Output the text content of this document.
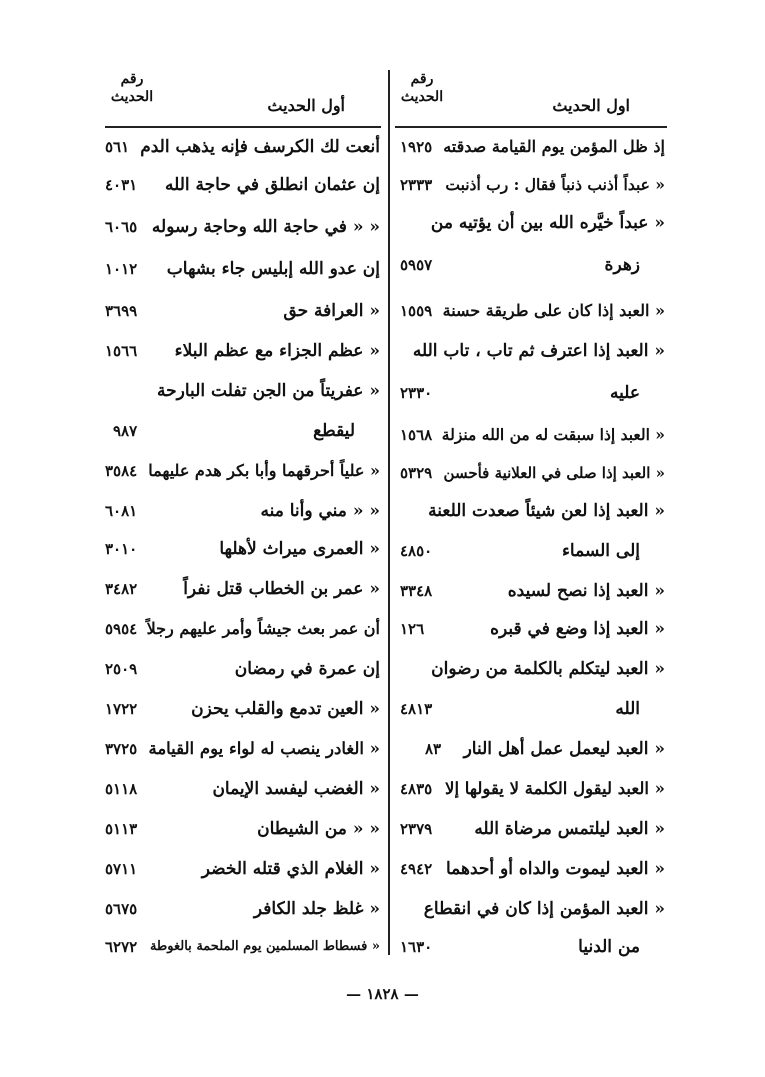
رقم
الحديث	اول الحديث
رقم
الحديث	أول الحديث
إذ ظل المؤمن يوم القيامة صدقته
١٩٢٥
« عبداً أذنب ذنباً فقال : رب أذنبت
٢٣٣٣
« عبداً خيَّره الله بين أن يؤتيه من
زهرة
٥٩٥٧
« العبد إذا كان على طريقة حسنة
١٥٥٩
« العبد إذا اعترف ثم تاب ، تاب الله
عليه
٢٣٣٠
« العبد إذا سبقت له من الله منزلة
١٥٦٨
« العبد إذا صلى في العلانية فأحسن
٥٣٢٩
« العبد إذا لعن شيئاً صعدت اللعنة
إلى السماء
٤٨٥٠
« العبد إذا نصح لسيده
٣٣٤٨
« العبد إذا وضع في قبره
١٢٦
« العبد ليتكلم بالكلمة من رضوان
الله
٤٨١٣
« العبد ليعمل عمل أهل النار
٨٣
« العبد ليقول الكلمة لا يقولها إلا
٤٨٣٥
« العبد ليلتمس مرضاة الله
٢٣٧٩
« العبد ليموت والداه أو أحدهما
٤٩٤٢
« العبد المؤمن إذا كان في انقطاع
من الدنيا
١٦٣٠
أنعت لك الكرسف فإنه يذهب الدم
٥٦١
إن عثمان انطلق في حاجة الله
٤٠٣١
« « في حاجة الله وحاجة رسوله
٦٠٦٥
إن عدو الله إبليس جاء بشهاب
١٠١٢
« العرافة حق
٣٦٩٩
« عظم الجزاء مع عظم البلاء
١٥٦٦
« عفريتاً من الجن تفلت البارحة
ليقطع
٩٨٧
« علياً أحرقهما وأبا بكر هدم عليهما
٣٥٨٤
« « مني وأنا منه
٦٠٨١
« العمرى ميراث لأهلها
٣٠١٠
« عمر بن الخطاب قتل نفراً
٣٤٨٢
أن عمر بعث جيشاً وأمر عليهم رجلاً
٥٩٥٤
إن عمرة في رمضان
٢٥٠٩
« العين تدمع والقلب يحزن
١٧٢٢
« الغادر ينصب له لواء يوم القيامة
٣٧٢٥
« الغضب ليفسد الإيمان
٥١١٨
« « من الشيطان
٥١١٣
« الغلام الذي قتله الخضر
٥٧١١
« غلظ جلد الكافر
٥٦٧٥
« فسطاط المسلمين يوم الملحمة بالغوطة
٦٢٧٢
— ١٨٢٨ —
